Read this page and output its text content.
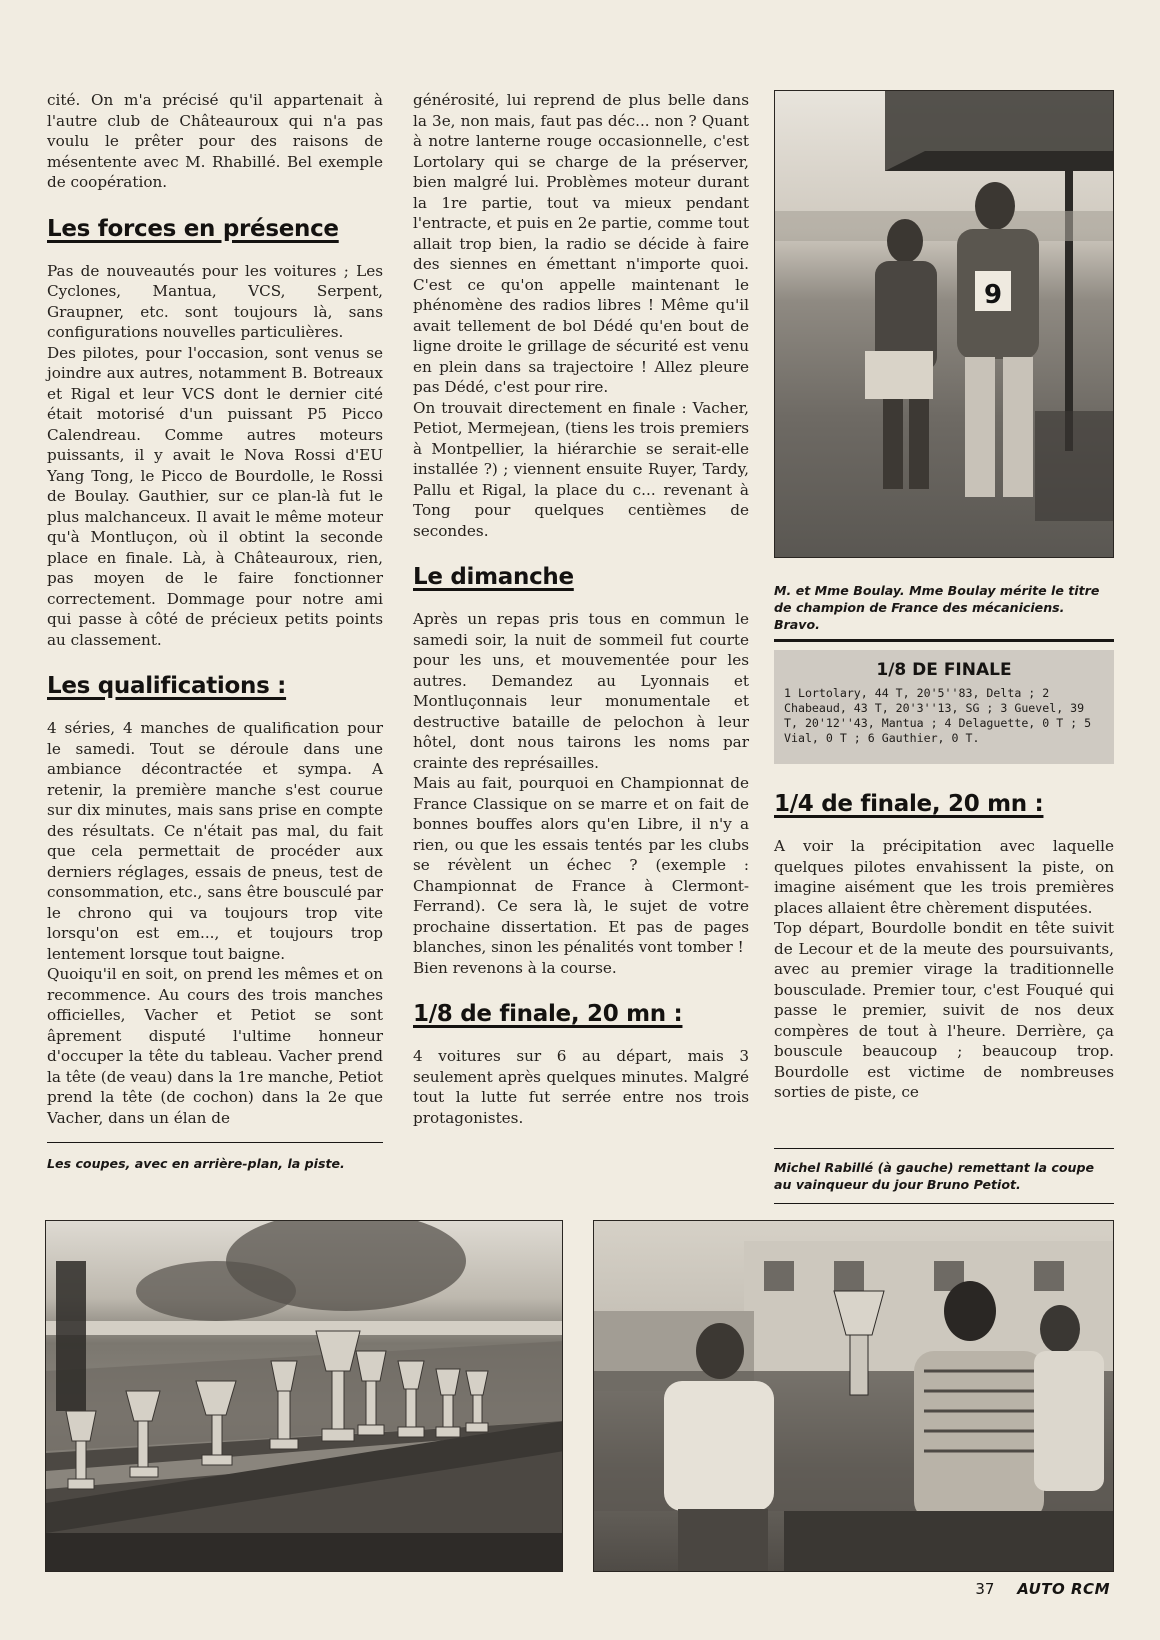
cité. On m'a précisé qu'il appartenait à l'autre club de Châteauroux qui n'a pas voulu le prêter pour des raisons de mésentente avec M. Rhabillé. Bel exemple de coopération.

Les forces en présence

Pas de nouveautés pour les voitures ; Les Cyclones, Mantua, VCS, Serpent, Graupner, etc. sont toujours là, sans configurations nouvelles particulières.

Des pilotes, pour l'occasion, sont venus se joindre aux autres, notamment B. Botreaux et Rigal et leur VCS dont le dernier cité était motorisé d'un puissant P5 Picco Calendreau. Comme autres moteurs puissants, il y avait le Nova Rossi d'EU Yang Tong, le Picco de Bourdolle, le Rossi de Boulay. Gauthier, sur ce plan-là fut le plus malchanceux. Il avait le même moteur qu'à Montluçon, où il obtint la seconde place en finale. Là, à Châteauroux, rien, pas moyen de le faire fonctionner correctement. Dommage pour notre ami qui passe à côté de précieux petits points au classement.

Les qualifications :

4 séries, 4 manches de qualification pour le samedi. Tout se déroule dans une ambiance décontractée et sympa. A retenir, la première manche s'est courue sur dix minutes, mais sans prise en compte des résultats. Ce n'était pas mal, du fait que cela permettait de procéder aux derniers réglages, essais de pneus, test de consommation, etc., sans être bousculé par le chrono qui va toujours trop vite lorsqu'on est em..., et toujours trop lentement lorsque tout baigne.

Quoiqu'il en soit, on prend les mêmes et on recommence. Au cours des trois manches officielles, Vacher et Petiot se sont âprement disputé l'ultime honneur d'occuper la tête du tableau. Vacher prend la tête (de veau) dans la 1re manche, Petiot prend la tête (de cochon) dans la 2e que Vacher, dans un élan de

Les coupes, avec en arrière-plan, la piste.

générosité, lui reprend de plus belle dans la 3e, non mais, faut pas déc... non ? Quant à notre lanterne rouge occasionnelle, c'est Lortolary qui se charge de la préserver, bien malgré lui. Problèmes moteur durant la 1re partie, tout va mieux pendant l'entracte, et puis en 2e partie, comme tout allait trop bien, la radio se décide à faire des siennes en émettant n'importe quoi. C'est ce qu'on appelle maintenant le phénomène des radios libres ! Même qu'il avait tellement de bol Dédé qu'en bout de ligne droite le grillage de sécurité est venu en plein dans sa trajectoire ! Allez pleure pas Dédé, c'est pour rire.

On trouvait directement en finale : Vacher, Petiot, Mermejean, (tiens les trois premiers à Montpellier, la hiérarchie se serait-elle installée ?) ; viennent ensuite Ruyer, Tardy, Pallu et Rigal, la place du c... revenant à Tong pour quelques centièmes de secondes.

Le dimanche

Après un repas pris tous en commun le samedi soir, la nuit de sommeil fut courte pour les uns, et mouvementée pour les autres. Demandez au Lyonnais et Montluçonnais leur monumentale et destructive bataille de pelochon à leur hôtel, dont nous tairons les noms par crainte des représailles.

Mais au fait, pourquoi en Championnat de France Classique on se marre et on fait de bonnes bouffes alors qu'en Libre, il n'y a rien, ou que les essais tentés par les clubs se révèlent un échec ? (exemple : Championnat de France à Clermont-Ferrand). Ce sera là, le sujet de votre prochaine dissertation. Et pas de pages blanches, sinon les pénalités vont tomber !

Bien revenons à la course.

1/8 de finale, 20 mn :

4 voitures sur 6 au départ, mais 3 seulement après quelques minutes. Malgré tout la lutte fut serrée entre nos trois protagonistes.

9

M. et Mme Boulay. Mme Boulay mérite le titre de champion de France des mécaniciens. Bravo.

1/8 DE FINALE
1 Lortolary, 44 T, 20'5''83, Delta ; 2 Chabeaud, 43 T, 20'3''13, SG ; 3 Guevel, 39 T, 20'12''43, Mantua ; 4 Delaguette, 0 T ; 5 Vial, 0 T ; 6 Gauthier, 0 T.
1/4 de finale, 20 mn :

A voir la précipitation avec laquelle quelques pilotes envahissent la piste, on imagine aisément que les trois premières places allaient être chèrement disputées.

Top départ, Bourdolle bondit en tête suivit de Lecour et de la meute des poursuivants, avec au premier virage la traditionnelle bousculade. Premier tour, c'est Fouqué qui passe le premier, suivit de nos deux compères de tout à l'heure. Derrière, ça bouscule beaucoup ; beaucoup trop. Bourdolle est victime de nombreuses sorties de piste, ce

Michel Rabillé (à gauche) remettant la coupe au vainqueur du jour Bruno Petiot.

37 AUTO RCM
